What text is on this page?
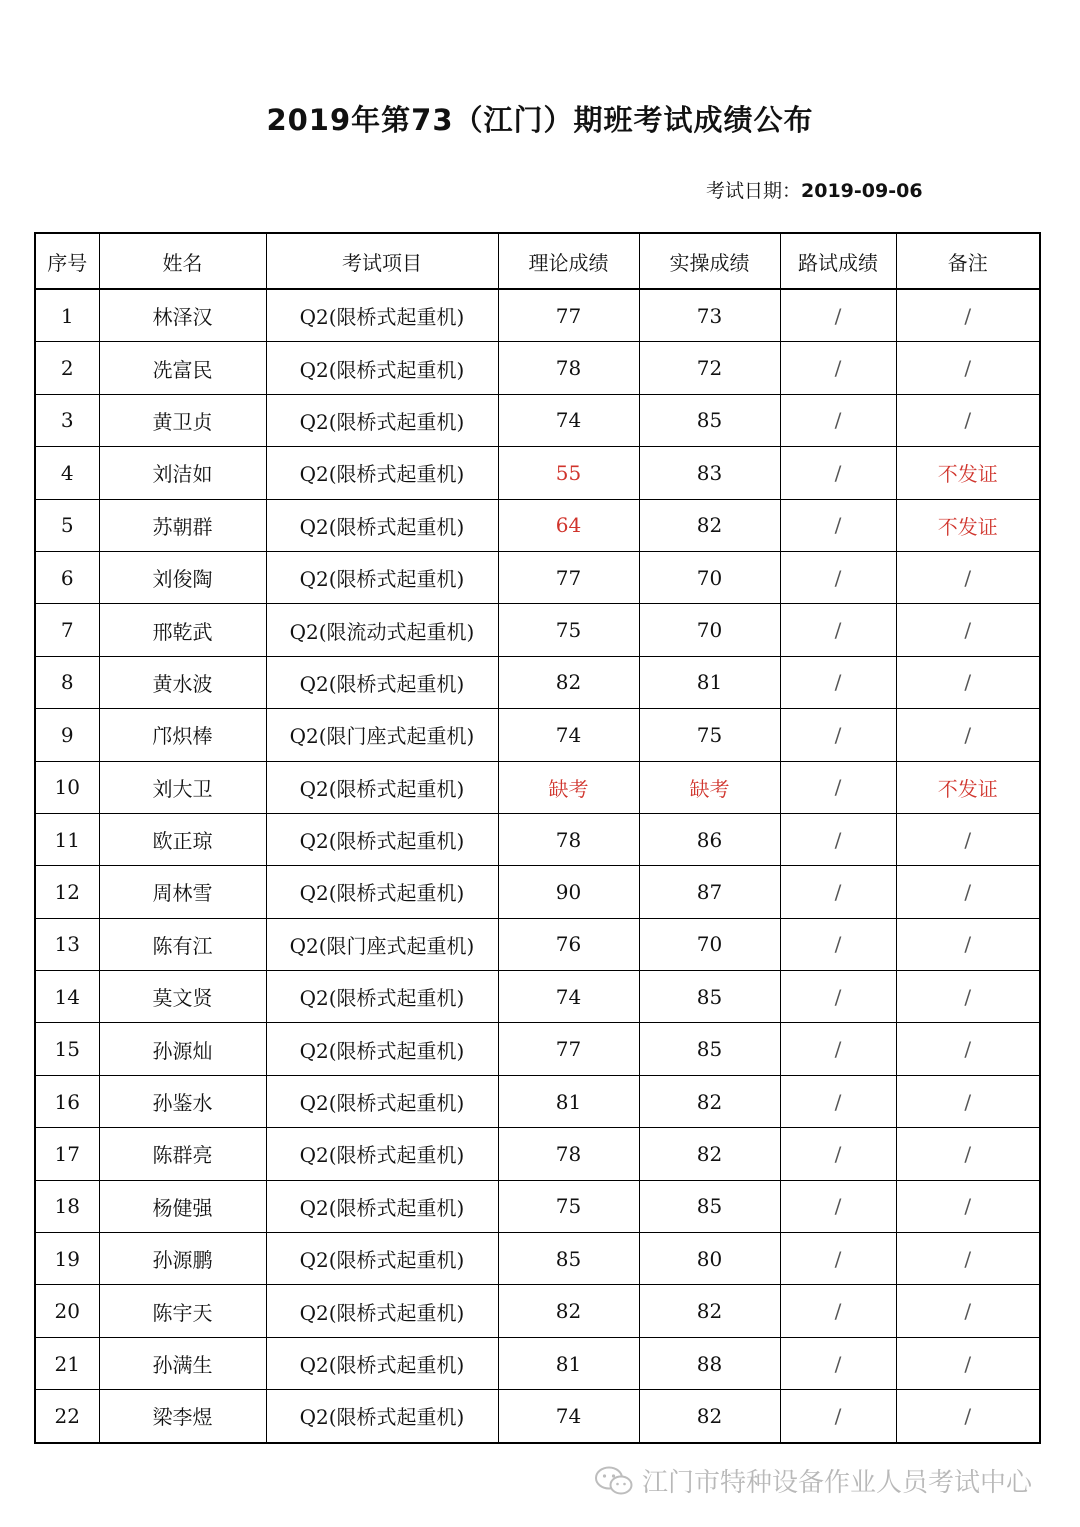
2019年第73（江门）期班考试成绩公布
考试日期：2019-09-06
序号	姓名	考试项目	理论成绩	实操成绩	路试成绩	备注
1	林泽汉	Q2(限桥式起重机)	77	73	/	/
2	冼富民	Q2(限桥式起重机)	78	72	/	/
3	黄卫贞	Q2(限桥式起重机)	74	85	/	/
4	刘洁如	Q2(限桥式起重机)	55	83	/	不发证
5	苏朝群	Q2(限桥式起重机)	64	82	/	不发证
6	刘俊陶	Q2(限桥式起重机)	77	70	/	/
7	邢乾武	Q2(限流动式起重机)	75	70	/	/
8	黄水波	Q2(限桥式起重机)	82	81	/	/
9	邝炽棒	Q2(限门座式起重机)	74	75	/	/
10	刘大卫	Q2(限桥式起重机)	缺考	缺考	/	不发证
11	欧正琼	Q2(限桥式起重机)	78	86	/	/
12	周林雪	Q2(限桥式起重机)	90	87	/	/
13	陈有江	Q2(限门座式起重机)	76	70	/	/
14	莫文贤	Q2(限桥式起重机)	74	85	/	/
15	孙源灿	Q2(限桥式起重机)	77	85	/	/
16	孙鉴水	Q2(限桥式起重机)	81	82	/	/
17	陈群亮	Q2(限桥式起重机)	78	82	/	/
18	杨健强	Q2(限桥式起重机)	75	85	/	/
19	孙源鹏	Q2(限桥式起重机)	85	80	/	/
20	陈宇天	Q2(限桥式起重机)	82	82	/	/
21	孙满生	Q2(限桥式起重机)	81	88	/	/
22	梁李煜	Q2(限桥式起重机)	74	82	/	/
江门市特种设备作业人员考试中心
